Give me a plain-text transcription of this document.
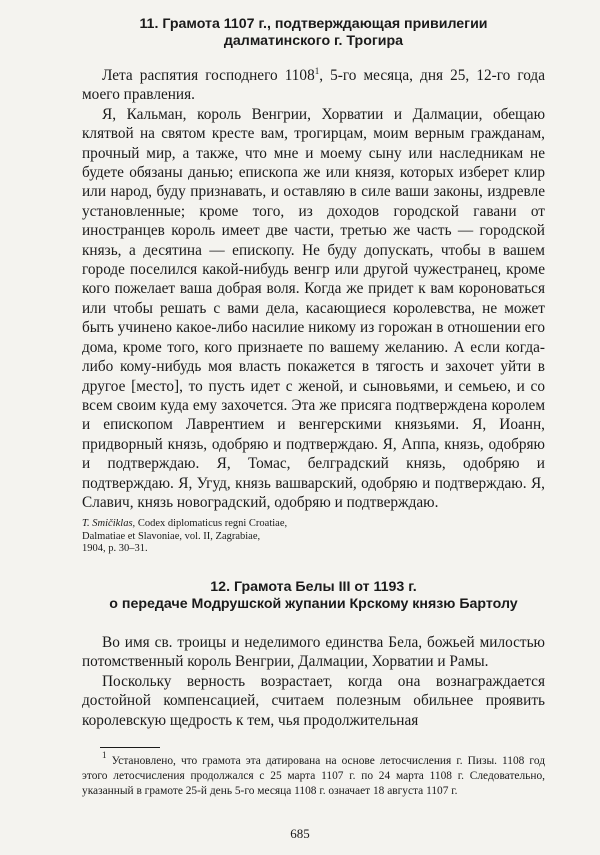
11. Грамота 1107 г., подтверждающая привилегии
далматинского г. Трогира

Лета распятия господнего 1108$^1$, 5-го месяца, дня 25, 12-го года моего правления.

Я, Кальман, король Венгрии, Хорватии и Далмации, обещаю клятвой на святом кресте вам, трогирцам, моим верным гражданам, прочный мир, а также, что мне и моему сыну или наследникам не будете обязаны данью; епископа же или князя, которых изберет клир или народ, буду признавать, и оставляю в силе ваши законы, издревле установленные; кроме того, из доходов городской гавани от иностранцев король имеет две части, третью же часть — городской князь, а десятина — епископу. Не буду допускать, чтобы в вашем городе поселился какой-нибудь венгр или другой чужестранец, кроме кого пожелает ваша добрая воля. Когда же придет к вам короноваться или чтобы решать с вами дела, касающиеся королевства, не может быть учинено какое-либо насилие никому из горожан в отношении его дома, кроме того, кого признаете по вашему желанию. А если когда-либо кому-нибудь моя власть покажется в тягость и захочет уйти в другое [место], то пусть идет с женой, и сыновьями, и семьею, и со всем своим куда ему захочется. Эта же присяга подтверждена королем и епископом Лаврентием и венгерскими князьями. Я, Иоанн, придворный князь, одобряю и подтверждаю. Я, Аппа, князь, одобряю и подтверждаю. Я, Томас, белградский князь, одобряю и подтверждаю. Я, Угуд, князь вашварский, одобряю и подтверждаю. Я, Славич, князь новоградский, одобряю и подтверждаю.

T. Smičiklas, Codex diplomaticus regni Croatiae,
Dalmatiae et Slavoniae, vol. II, Zagrabiae,
1904, p. 30–31.
12. Грамота Белы III от 1193 г.
о передаче Модрушской жупании Крскому князю Бартолу

Во имя св. троицы и неделимого единства Бела, божьей милостью потомственный король Венгрии, Далмации, Хорватии и Рамы.

Поскольку верность возрастает, когда она вознаграждается достойной компенсацией, считаем полезным обильнее проявить королевскую щедрость к тем, чья продолжительная

$^1$ Установлено, что грамота эта датирована на основе летосчисления г. Пизы. 1108 год этого летосчисления продолжался с 25 марта 1107 г. по 24 марта 1108 г. Следовательно, указанный в грамоте 25-й день 5-го месяца 1108 г. означает 18 августа 1107 г.

685
